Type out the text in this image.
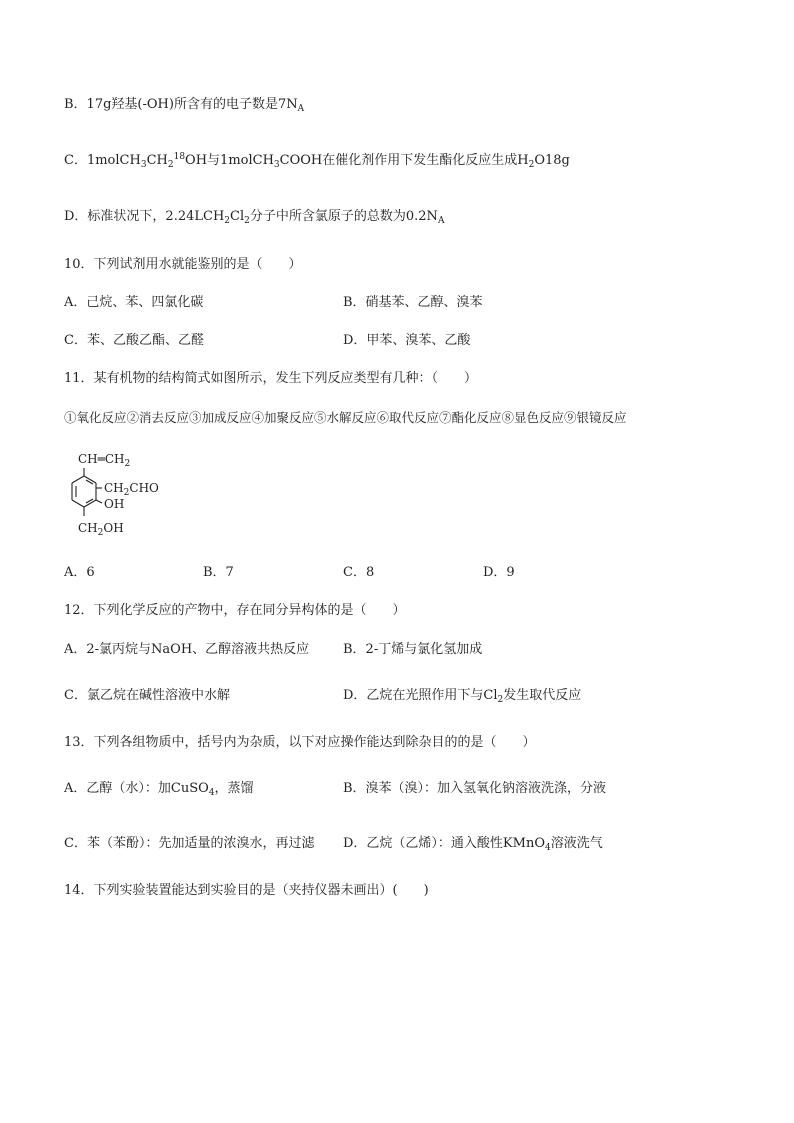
B．17g羟基(-OH)所含有的电子数是$7N_A$
C．$1molCH_3CH_2^{18}OH$与1molCH$_3$COOH在催化剂作用下发生酯化反应生成$H_2O18g$
D．标准状况下，$2.24LCH_2Cl_2$分子中所含氯原子的总数为$0.2N_A$
10．下列试剂用水就能鉴别的是（　　）
A．己烷、苯、四氯化碳	B．硝基苯、乙醇、溴苯
C．苯、乙酸乙酯、乙醛	D．甲苯、溴苯、乙酸
11．某有机物的结构简式如图所示，发生下列反应类型有几种：（　　）
①氧化反应②消去反应③加成反应④加聚反应⑤水解反应⑥取代反应⑦酯化反应⑧显色反应⑨银镜反应
$CH═CH_2$
$CH_2CHO$
OH
$CH_2OH$
A．6	B．7	C．8	D．9
12．下列化学反应的产物中，存在同分异构体的是（　　）
A．2-氯丙烷与NaOH、乙醇溶液共热反应	B．2-丁烯与氯化氢加成
C．氯乙烷在碱性溶液中水解	D．乙烷在光照作用下与$Cl_2$发生取代反应
13．下列各组物质中，括号内为杂质，以下对应操作能达到除杂目的的是（　　）
A．乙醇（水）：加CuSO$_4$，蒸馏	B．溴苯（溴）：加入氢氧化钠溶液洗涤，分液
C．苯（苯酚）：先加适量的浓溴水，再过滤 D．乙烷（乙烯）：通入酸性KMnO$_4$溶液洗气
14．下列实验装置能达到实验目的是（夹持仪器未画出）(　　)
